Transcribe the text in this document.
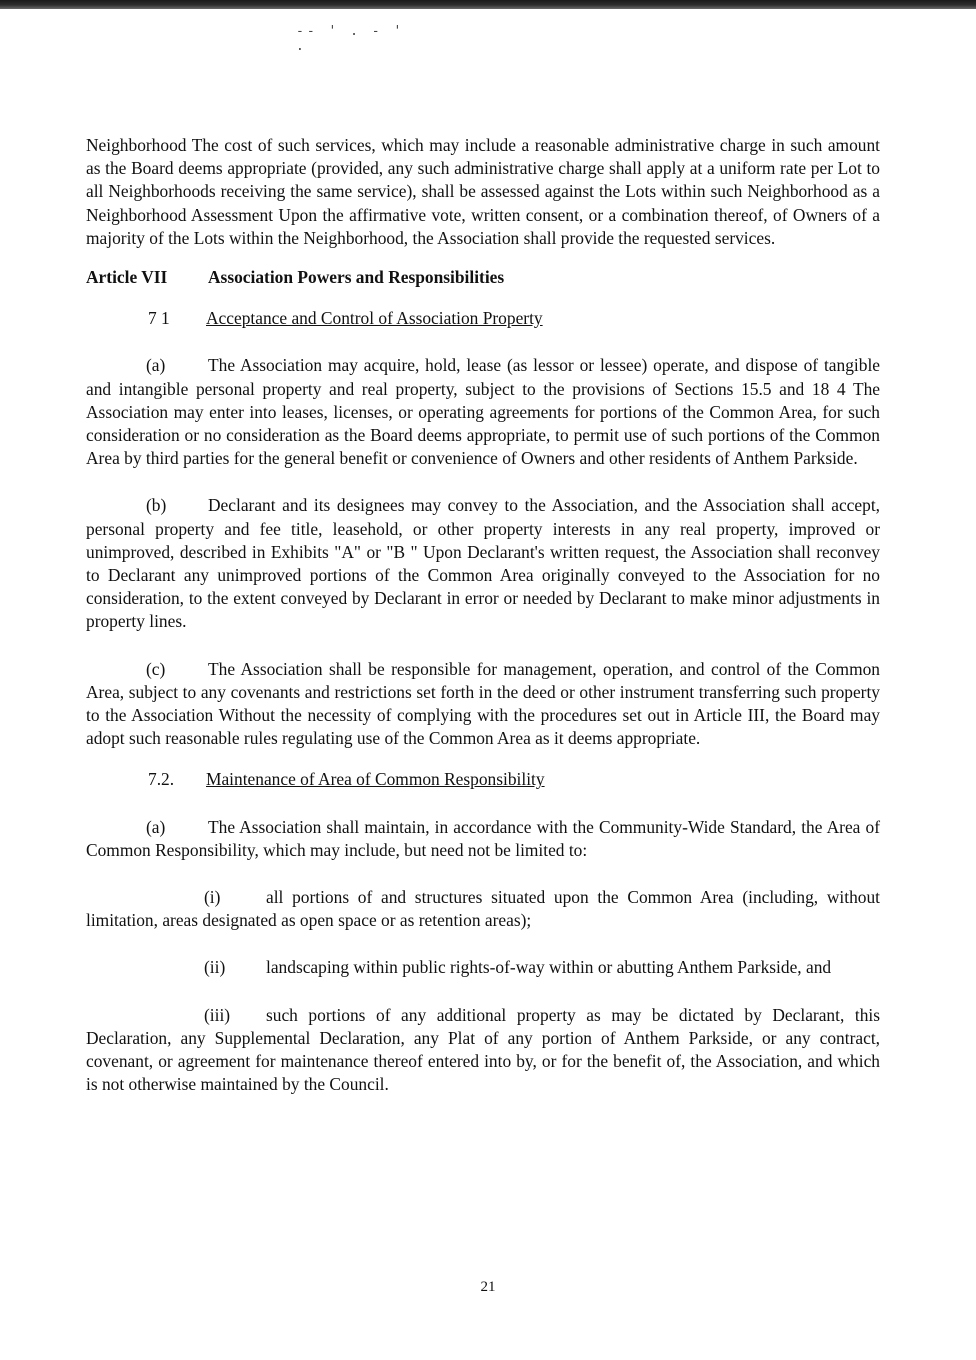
-- ' . - ' .

Neighborhood The cost of such services, which may include a reasonable administrative charge in such amount as the Board deems appropriate (provided, any such administrative charge shall apply at a uniform rate per Lot to all Neighborhoods receiving the same service), shall be assessed against the Lots within such Neighborhood as a Neighborhood Assessment Upon the affirmative vote, written consent, or a combination thereof, of Owners of a majority of the Lots within the Neighborhood, the Association shall provide the requested services.

Article VII Association Powers and Responsibilities
7 1 Acceptance and Control of Association Property

(a) The Association may acquire, hold, lease (as lessor or lessee) operate, and dispose of tangible and intangible personal property and real property, subject to the provisions of Sections 15.5 and 18 4 The Association may enter into leases, licenses, or operating agreements for portions of the Common Area, for such consideration or no consideration as the Board deems appropriate, to permit use of such portions of the Common Area by third parties for the general benefit or convenience of Owners and other residents of Anthem Parkside.

(b) Declarant and its designees may convey to the Association, and the Association shall accept, personal property and fee title, leasehold, or other property interests in any real property, improved or unimproved, described in Exhibits "A" or "B " Upon Declarant's written request, the Association shall reconvey to Declarant any unimproved portions of the Common Area originally conveyed to the Association for no consideration, to the extent conveyed by Declarant in error or needed by Declarant to make minor adjustments in property lines.

(c) The Association shall be responsible for management, operation, and control of the Common Area, subject to any covenants and restrictions set forth in the deed or other instrument transferring such property to the Association Without the necessity of complying with the procedures set out in Article III, the Board may adopt such reasonable rules regulating use of the Common Area as it deems appropriate.

7.2. Maintenance of Area of Common Responsibility

(a) The Association shall maintain, in accordance with the Community-Wide Standard, the Area of Common Responsibility, which may include, but need not be limited to:

(i)	all portions of and structures situated upon the Common Area (including, without limitation, areas designated as open space or as retention areas);

(ii) landscaping within public rights-of-way within or abutting Anthem Parkside, and

(iii) such portions of any additional property as may be dictated by Declarant, this Declaration, any Supplemental Declaration, any Plat of any portion of Anthem Parkside, or any contract, covenant, or agreement for maintenance thereof entered into by, or for the benefit of, the Association, and which is not otherwise maintained by the Council.

21
